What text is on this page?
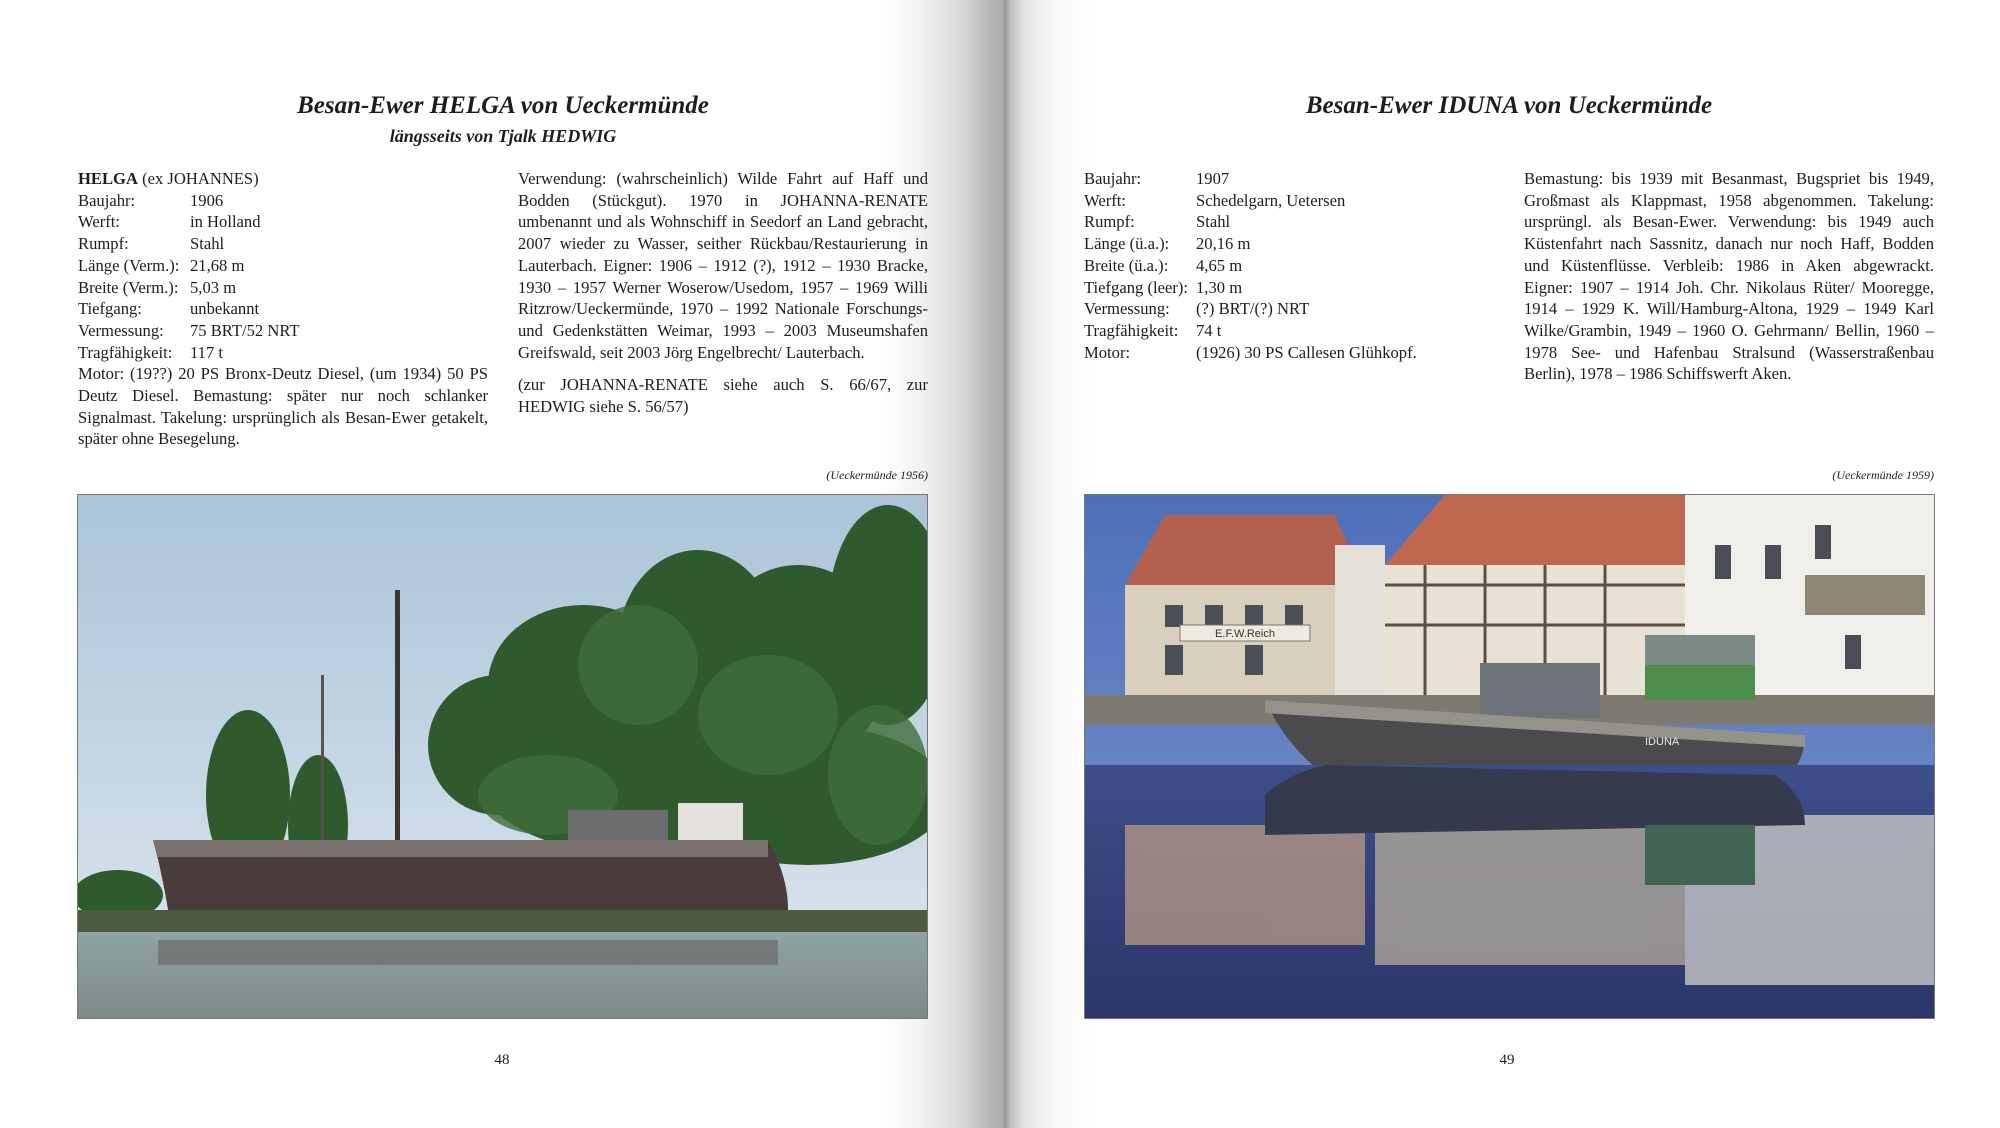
Besan-Ewer HELGA von Ueckermünde
längsseits von Tjalk HEDWIG
HELGA (ex JOHANNES)
Baujahr:	1906
Werft:	in Holland
Rumpf:	Stahl
Länge (Verm.): 21,68 m
Breite (Verm.): 5,03 m
Tiefgang:	unbekannt
Vermessung:	75 BRT/52 NRT
Tragfähigkeit:	117 t
Motor: (19??) 20 PS Bronx-Deutz Diesel, (um 1934) 50 PS Deutz Diesel. Bemastung: später nur noch schlanker Signalmast. Takelung: ursprünglich als Besan-Ewer getakelt, später ohne Besegelung.

Verwendung: (wahrscheinlich) Wilde Fahrt auf Haff und Bodden (Stückgut). 1970 in JOHANNA-RENATE umbenannt und als Wohnschiff in Seedorf an Land gebracht, 2007 wieder zu Wasser, seither Rückbau/Restaurierung in Lauterbach. Eigner: 1906 – 1912 (?), 1912 – 1930 Bracke, 1930 – 1957 Werner Woserow/Usedom, 1957 – 1969 Willi Ritzrow/Ueckermünde, 1970 – 1992 Nationale Forschungs- und Gedenkstätten Weimar, 1993 – 2003 Museumshafen Greifswald, seit 2003 Jörg Engelbrecht/ Lauterbach.

(zur JOHANNA-RENATE siehe auch S. 66/67, zur HEDWIG siehe S. 56/57)

(Ueckermünde 1956)
48
Besan-Ewer IDUNA von Ueckermünde
Baujahr:	1907
Werft:	Schedelgarn, Uetersen
Rumpf:	Stahl
Länge (ü.a.):	20,16 m
Breite (ü.a.):	4,65 m
Tiefgang (leer): 1,30 m
Vermessung:	(?) BRT/(?) NRT
Tragfähigkeit:	74 t
Motor:	(1926) 30 PS Callesen Glühkopf.

Bemastung: bis 1939 mit Besanmast, Bugspriet bis 1949, Großmast als Klappmast, 1958 abgenommen. Takelung: ursprüngl. als Besan-Ewer. Verwendung: bis 1949 auch Küstenfahrt nach Sassnitz, danach nur noch Haff, Bodden und Küstenflüsse. Verbleib: 1986 in Aken abgewrackt. Eigner: 1907 – 1914 Joh. Chr. Nikolaus Rüter/ Mooregge, 1914 – 1929 K. Will/Hamburg-Altona, 1929 – 1949 Karl Wilke/Grambin, 1949 – 1960 O. Gehrmann/ Bellin, 1960 – 1978 See- und Hafenbau Stralsund (Wasserstraßenbau Berlin), 1978 – 1986 Schiffswerft Aken.

(Ueckermünde 1959)
E.F.W.Reich
IDUNA
49
